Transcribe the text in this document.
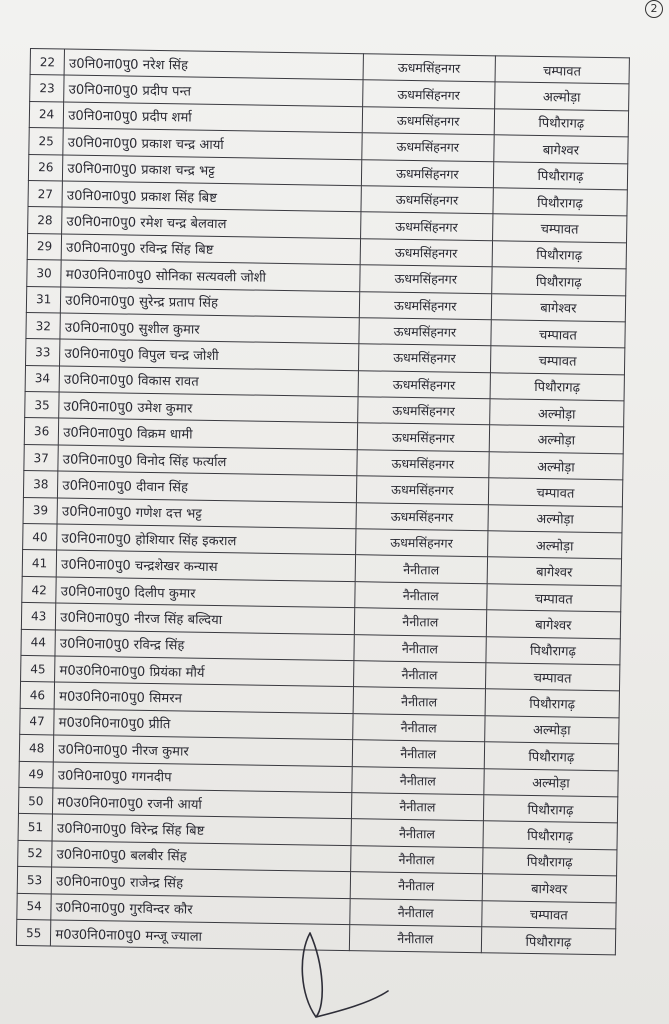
2
22	उ0नि0ना0पु0 नरेश सिंह	ऊधमसिंहनगर	चम्पावत
23	उ0नि0ना0पु0 प्रदीप पन्त	ऊधमसिंहनगर	अल्मोड़ा
24	उ0नि0ना0पु0 प्रदीप शर्मा	ऊधमसिंहनगर	पिथौरागढ़
25	उ0नि0ना0पु0 प्रकाश चन्द्र आर्या	ऊधमसिंहनगर	बागेश्वर
26	उ0नि0ना0पु0 प्रकाश चन्द्र भट्ट	ऊधमसिंहनगर	पिथौरागढ़
27	उ0नि0ना0पु0 प्रकाश सिंह बिष्ट	ऊधमसिंहनगर	पिथौरागढ़
28	उ0नि0ना0पु0 रमेश चन्द्र बेलवाल	ऊधमसिंहनगर	चम्पावत
29	उ0नि0ना0पु0 रविन्द्र सिंह बिष्ट	ऊधमसिंहनगर	पिथौरागढ़
30	म0उ0नि0ना0पु0 सोनिका सत्यवली जोशी	ऊधमसिंहनगर	पिथौरागढ़
31	उ0नि0ना0पु0 सुरेन्द्र प्रताप सिंह	ऊधमसिंहनगर	बागेश्वर
32	उ0नि0ना0पु0 सुशील कुमार	ऊधमसिंहनगर	चम्पावत
33	उ0नि0ना0पु0 विपुल चन्द्र जोशी	ऊधमसिंहनगर	चम्पावत
34	उ0नि0ना0पु0 विकास रावत	ऊधमसिंहनगर	पिथौरागढ़
35	उ0नि0ना0पु0 उमेश कुमार	ऊधमसिंहनगर	अल्मोड़ा
36	उ0नि0ना0पु0 विक्रम धामी	ऊधमसिंहनगर	अल्मोड़ा
37	उ0नि0ना0पु0 विनोद सिंह फर्त्याल	ऊधमसिंहनगर	अल्मोड़ा
38	उ0नि0ना0पु0 दीवान सिंह	ऊधमसिंहनगर	चम्पावत
39	उ0नि0ना0पु0 गणेश दत्त भट्ट	ऊधमसिंहनगर	अल्मोड़ा
40	उ0नि0ना0पु0 होशियार सिंह इकराल	ऊधमसिंहनगर	अल्मोड़ा
41	उ0नि0ना0पु0 चन्द्रशेखर कन्यास	नैनीताल	बागेश्वर
42	उ0नि0ना0पु0 दिलीप कुमार	नैनीताल	चम्पावत
43	उ0नि0ना0पु0 नीरज सिंह बल्दिया	नैनीताल	बागेश्वर
44	उ0नि0ना0पु0 रविन्द्र सिंह	नैनीताल	पिथौरागढ़
45	म0उ0नि0ना0पु0 प्रियंका मौर्य	नैनीताल	चम्पावत
46	म0उ0नि0ना0पु0 सिमरन	नैनीताल	पिथौरागढ़
47	म0उ0नि0ना0पु0 प्रीति	नैनीताल	अल्मोड़ा
48	उ0नि0ना0पु0 नीरज कुमार	नैनीताल	पिथौरागढ़
49	उ0नि0ना0पु0 गगनदीप	नैनीताल	अल्मोड़ा
50	म0उ0नि0ना0पु0 रजनी आर्या	नैनीताल	पिथौरागढ़
51	उ0नि0ना0पु0 विरेन्द्र सिंह बिष्ट	नैनीताल	पिथौरागढ़
52	उ0नि0ना0पु0 बलबीर सिंह	नैनीताल	पिथौरागढ़
53	उ0नि0ना0पु0 राजेन्द्र सिंह	नैनीताल	बागेश्वर
54	उ0नि0ना0पु0 गुरविन्दर कौर	नैनीताल	चम्पावत
55	म0उ0नि0ना0पु0 मन्जू ज्याला	नैनीताल	पिथौरागढ़
